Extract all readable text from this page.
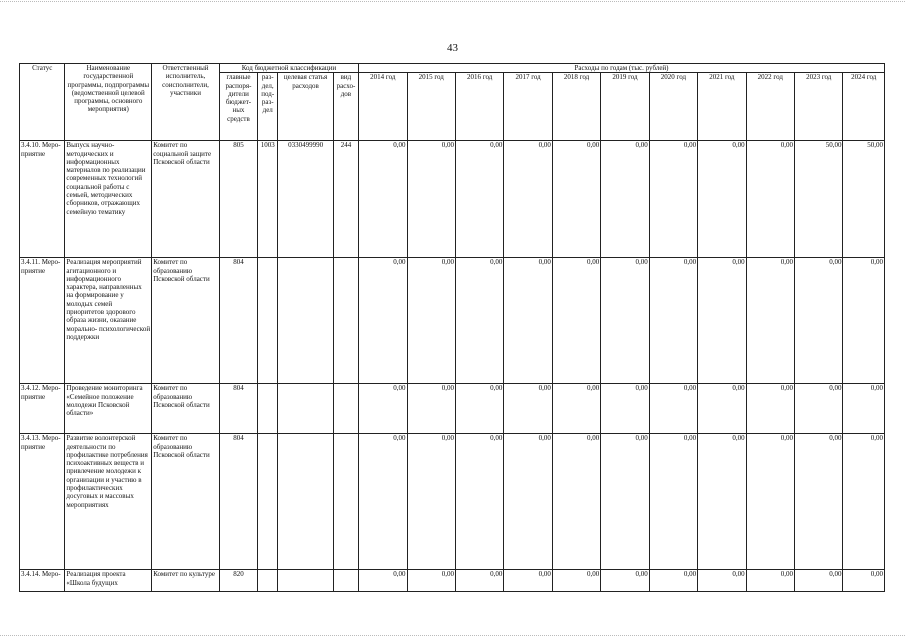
43
Статус	Наименование государственной программы, подпрограммы (ведомственной целевой программы, основного мероприятия)	Ответственный исполнитель, соисполнители, участники	Код бюджетной классификации				Расходы по годам (тыс. рублей)										
			главные распоря- дители бюджет- ных средств	раз- дел, под- раз- дел	целевая статья расходов	вид расхо- дов	2014 год	2015 год	2016 год	2017 год	2018 год	2019 год	2020 год	2021 год	2022 год	2023 год	2024 год
3.4.10. Меро- приятие	Выпуск научно- методических и информационных материалов по реализации современных технологий социальной работы с семьей, методических сборников, отражающих семейную тематику	Комитет по социальной защите Псковской области	805	1003	0330499990	244	0,00	0,00	0,00	0,00	0,00	0,00	0,00	0,00	0,00	50,00	50,00
3.4.11. Меро- приятие	Реализация мероприятий агитационного и информационного характера, направленных на формирование у молодых семей приоритетов здорового образа жизни, оказание морально- психологической поддержки	Комитет по образованию Псковской области	804				0,00	0,00	0,00	0,00	0,00	0,00	0,00	0,00	0,00	0,00	0,00
3.4.12. Меро- приятие	Проведение мониторинга «Семейное положение молодежи Псковской области»	Комитет по образованию Псковской области	804				0,00	0,00	0,00	0,00	0,00	0,00	0,00	0,00	0,00	0,00	0,00
3.4.13. Меро- приятие	Развитие волонтерской деятельности по профилактике потребления психоактивных веществ и привлечение молодежи к организации и участию в профилактических досуговых и массовых мероприятиях	Комитет по образованию Псковской области	804				0,00	0,00	0,00	0,00	0,00	0,00	0,00	0,00	0,00	0,00	0,00
3.4.14. Меро-	Реализация проекта «Школа будущих	Комитет по культуре	820				0,00	0,00	0,00	0,00	0,00	0,00	0,00	0,00	0,00	0,00	0,00
